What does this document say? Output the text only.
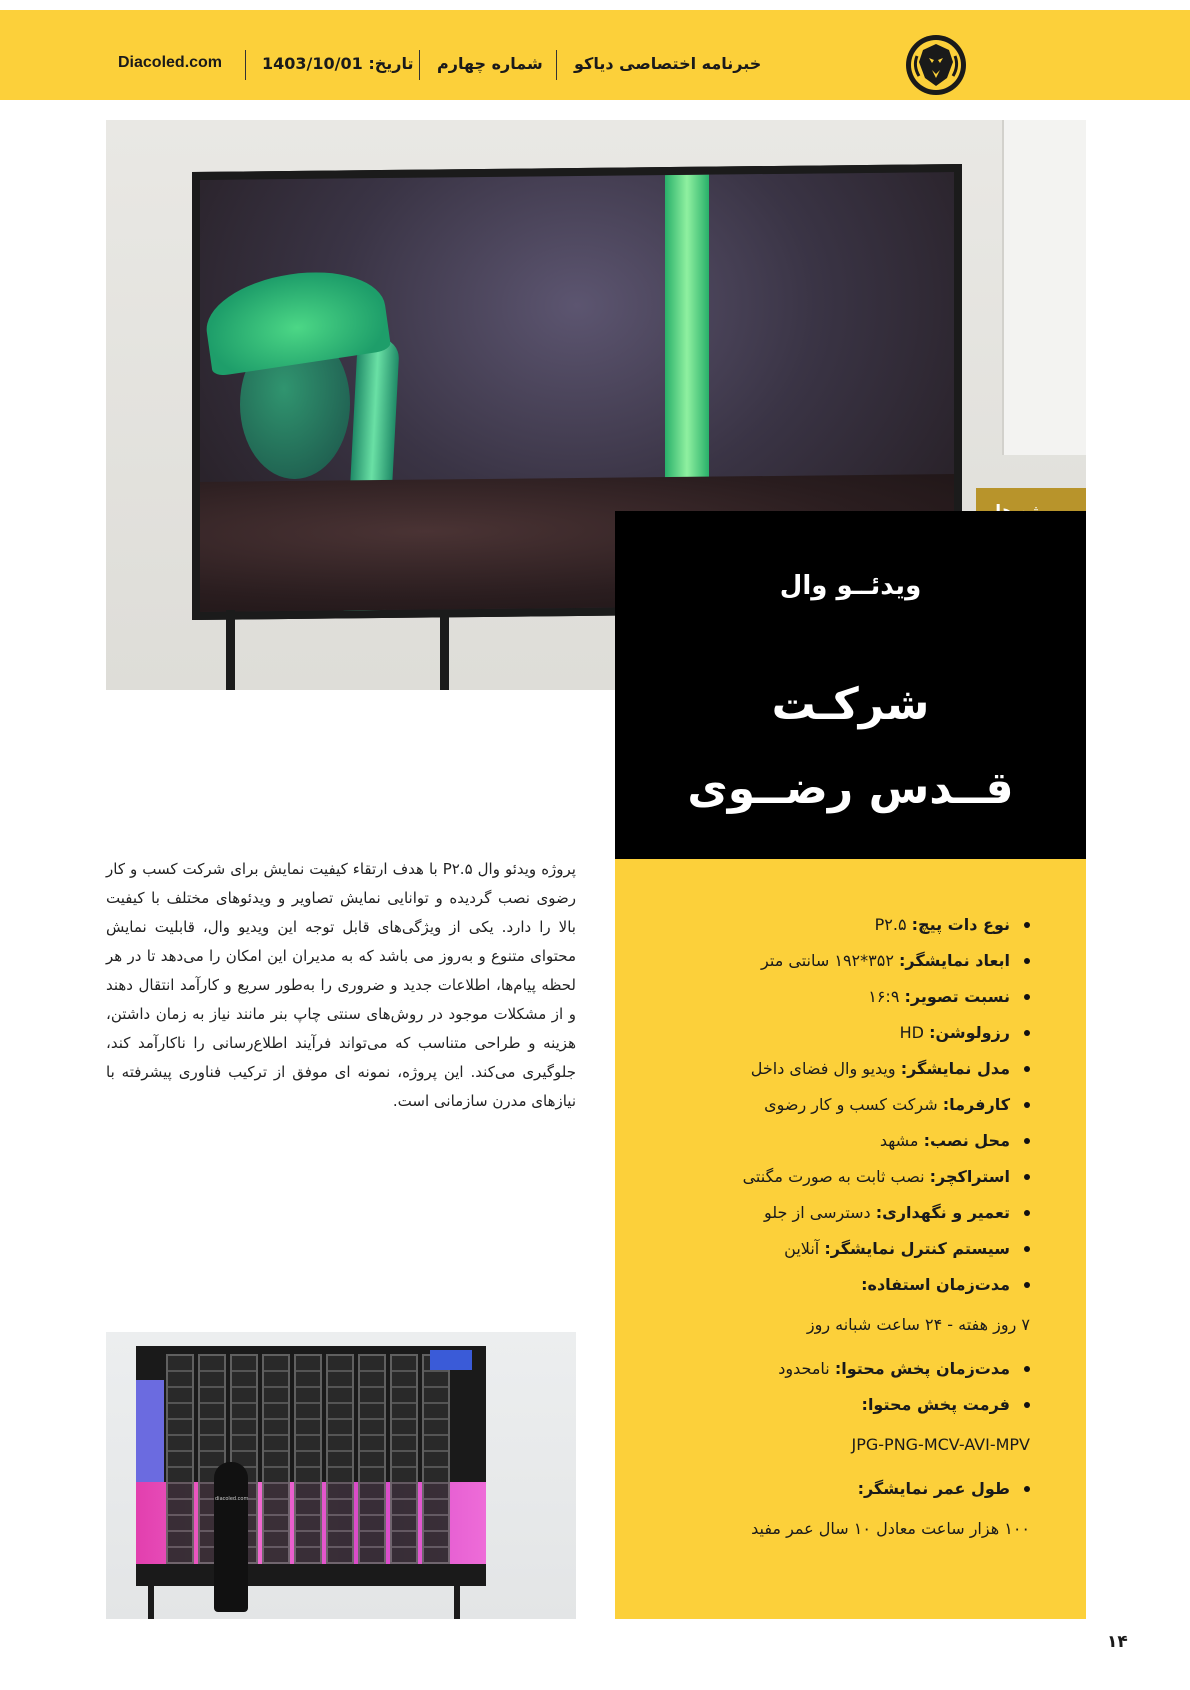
خبرنامه اختصاصی دیاکو
شماره چهارم
تاریخ: 1403/10/01
Diacoled.com
ویدئــو وال
شرکـت
قــدس رضــوی
نوع دات پیچ: P۲.۵
ابعاد نمایشگر: ۳۵۲*۱۹۲ سانتی متر
نسبت تصویر: ۱۶:۹
رزولوشن: HD
مدل نمایشگر: ویدیو وال فضای داخل
کارفرما: شرکت کسب و کار رضوی
محل نصب: مشهد
استراکچر: نصب ثابت به صورت مگنتی
تعمیر و نگهداری: دسترسی از جلو
سیستم کنترل نمایشگر: آنلاین
مدت‌زمان استفاده:
۷ روز هفته - ۲۴ ساعت شبانه روز
مدت‌زمان پخش محتوا: نامحدود
فرمت پخش محتوا:
JPG-PNG-MCV-AVI-MPV
طول عمر نمایشگر:
۱۰۰ هزار ساعت معادل ۱۰ سال عمر مفید

پروژه ویدئو وال P۲.۵ با هدف ارتقاء کیفیت نمایش برای شرکت کسب و کار رضوی نصب گردیده و توانایی نمایش تصاویر و ویدئوهای مختلف با کیفیت بالا را دارد. یکی از ویژگی‌های قابل توجه این ویدیو وال، قابلیت نمایش محتوای متنوع و به‌روز می باشد که به مدیران این امکان را می‌دهد تا در هر لحظه پیام‌ها، اطلاعات جدید و ضروری را به‌طور سریع و کارآمد انتقال دهند و از مشکلات موجود در روش‌های سنتی چاپ بنر مانند نیاز به زمان داشتن، هزینه و طراحی متناسب که می‌تواند فرآیند اطلاع‌رسانی را ناکارآمد کند، جلوگیری می‌کند. این پروژه، نمونه ای موفق از ترکیب فناوری پیشرفته با نیازهای مدرن سازمانی است.

diacoled.com
۱۴
